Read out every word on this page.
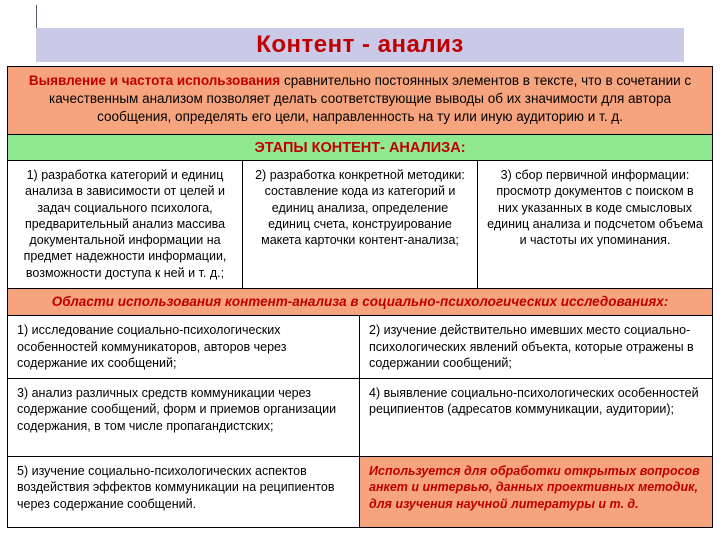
Контент - анализ
Выявление и частота использования сравнительно постоянных элементов в тексте, что в сочетании с качественным анализом позволяет делать соответствующие выводы об их значимости для автора сообщения, определять его цели, направленность на ту или иную аудиторию и т. д.
ЭТАПЫ КОНТЕНТ- АНАЛИЗА:
1) разработка категорий и единиц анализа в зависимости от целей и задач социального психолога, предварительный анализ массива документальной информации на предмет надежности информации, возможности доступа к ней и т. д.;
2) разработка конкретной методики: составление кода из категорий и единиц анализа, определение единиц счета, конструирование макета карточки контент-анализа;
3) сбор первичной информации: просмотр документов с поиском в них указанных в коде смысловых единиц анализа и подсчетом объема и частоты их упоминания.
Области использования контент-анализа в социально-психологических исследованиях:
1) исследование социально-психологических особенностей коммуникаторов, авторов через содержание их сообщений;
2) изучение действительно имевших место социально-психологических явлений объекта, которые отражены в содержании сообщений;
3) анализ различных средств коммуникации через содержание сообщений, форм и приемов организации содержания, в том числе пропагандистских;
4) выявление социально-психологических особенностей реципиентов (адресатов коммуникации, аудитории);
5) изучение социально-психологических аспектов воздействия эффектов коммуникации на реципиентов через содержание сообщений.
Используется для обработки открытых вопросов анкет и интервью, данных проективных методик, для изучения научной литературы и т. д.
